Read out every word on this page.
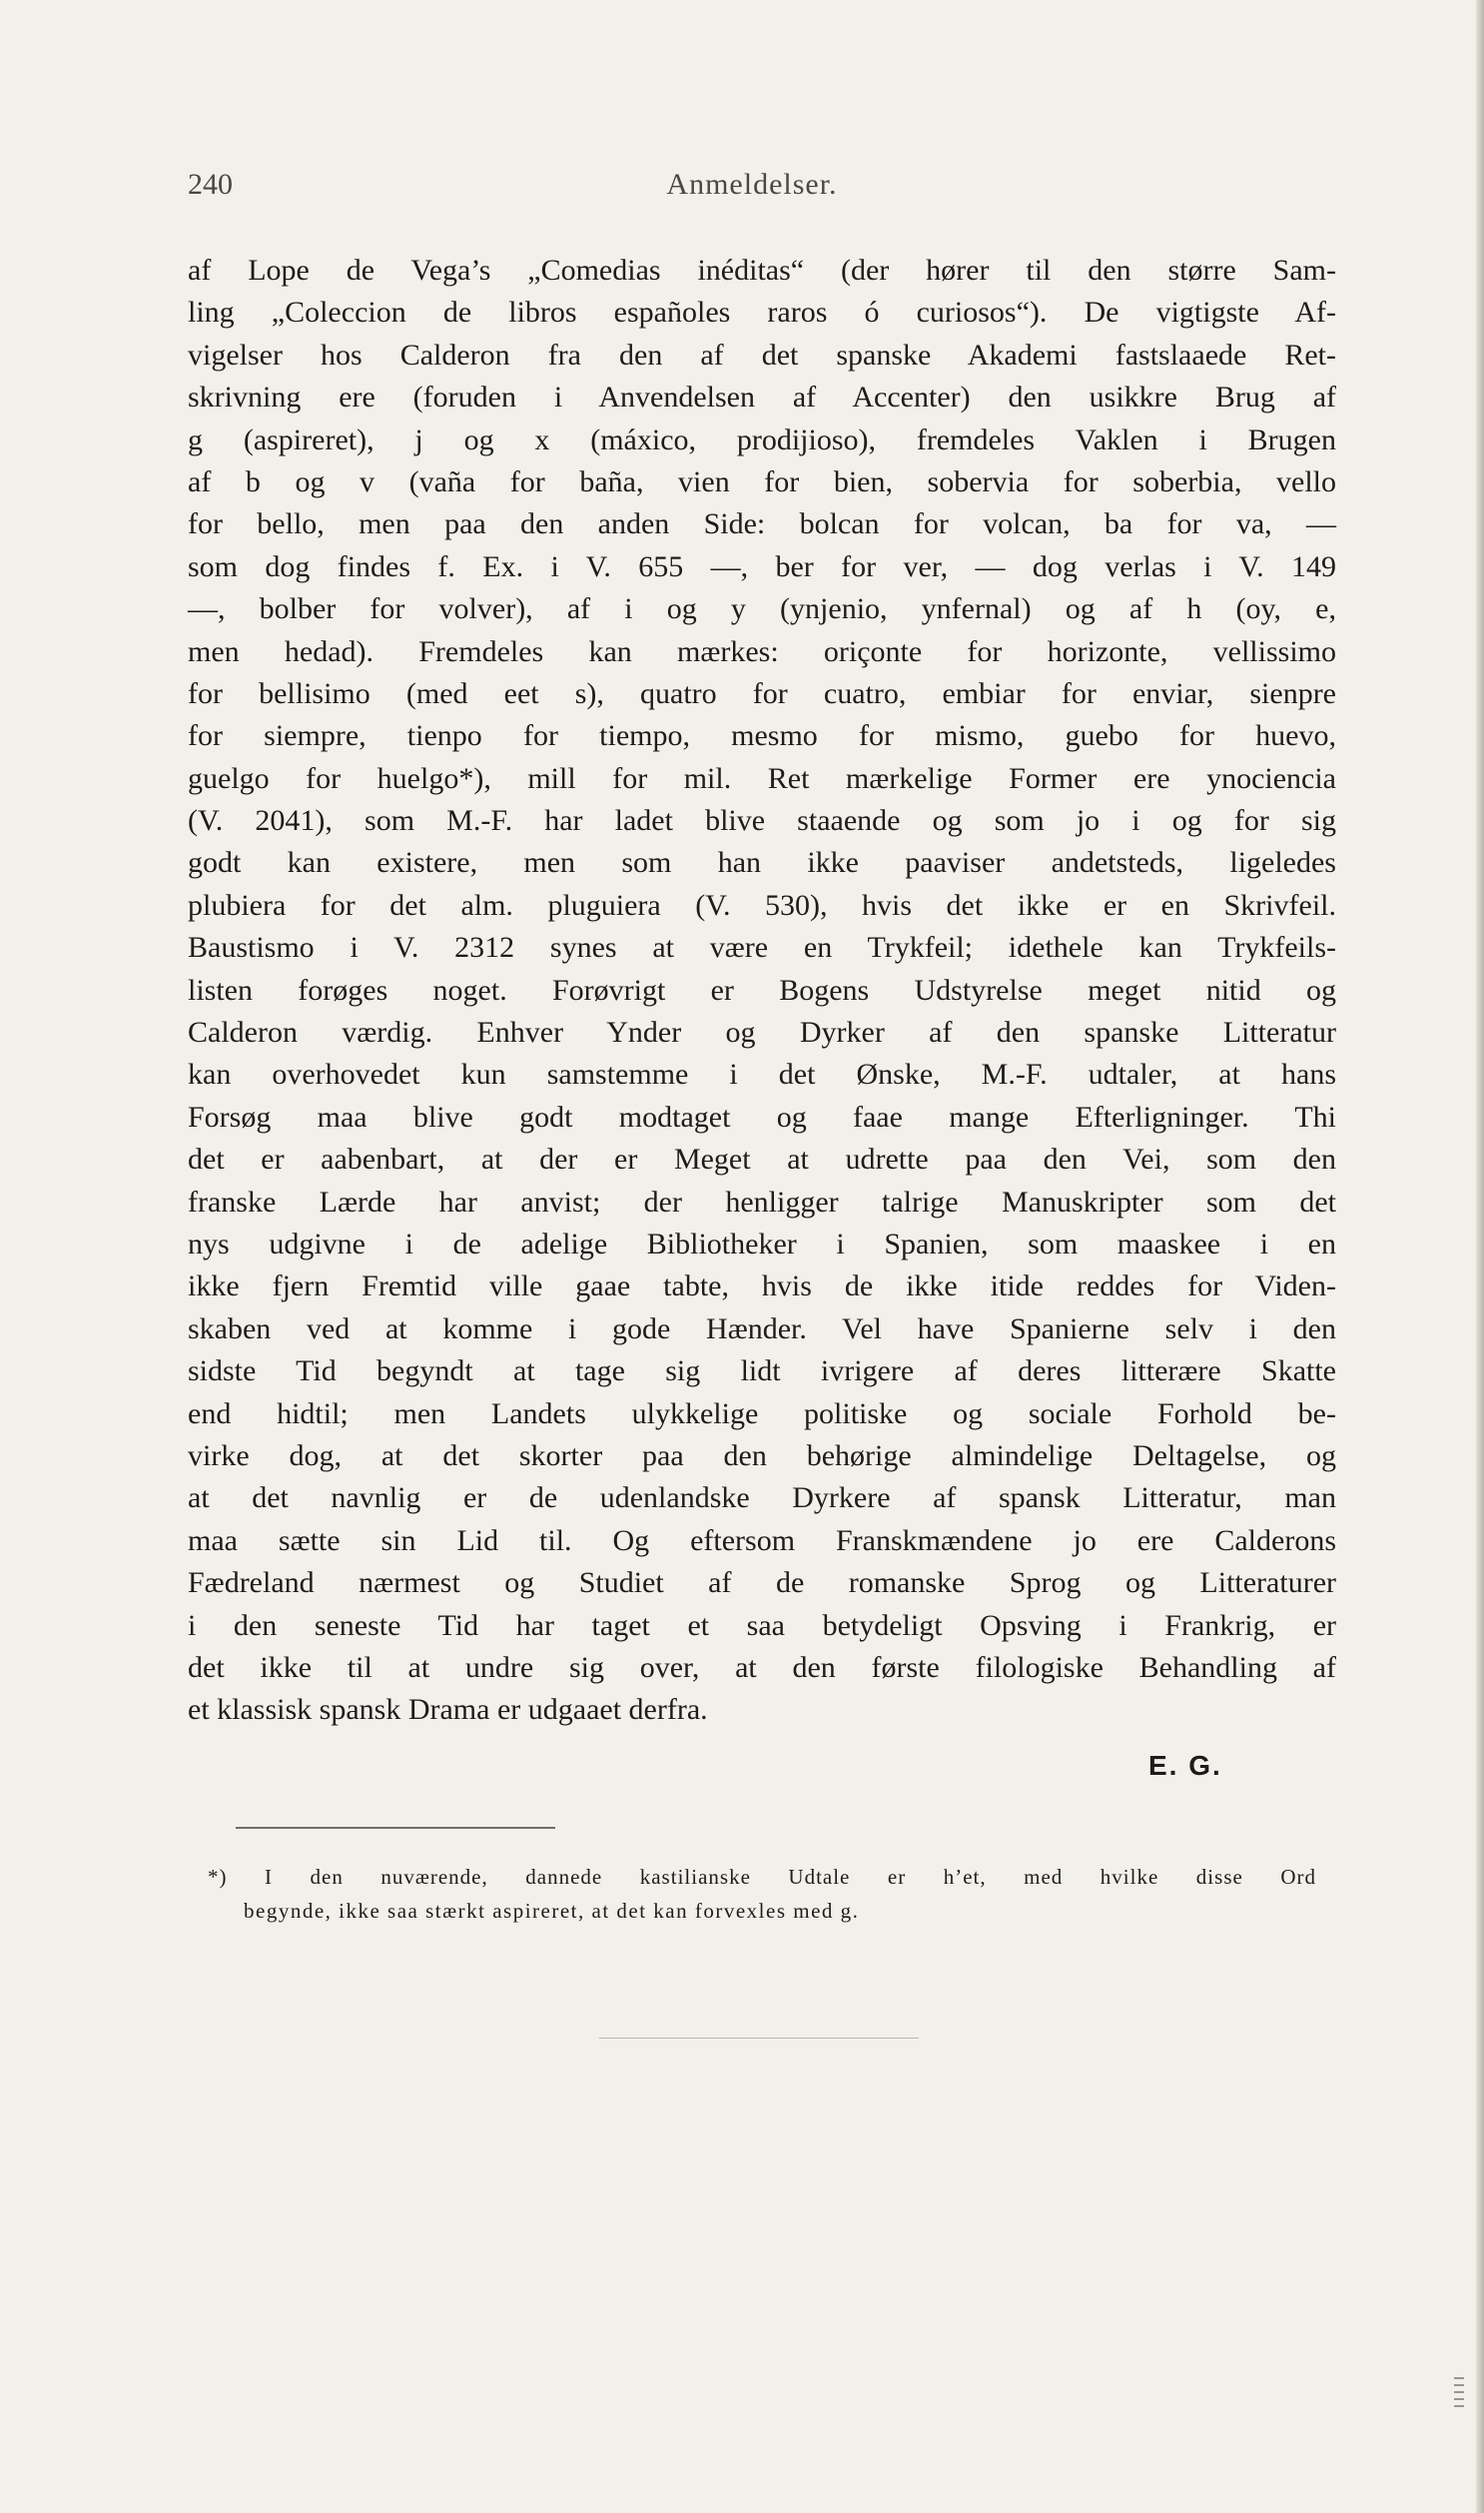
240	Anmeldelser.
af Lope de Vega’s „Comedias inéditas“ (der hører til den større Sam-
ling „Coleccion de libros españoles raros ó curiosos“). De vigtigste Af-
vigelser hos Calderon fra den af det spanske Akademi fastslaaede Ret-
skrivning ere (foruden i Anvendelsen af Accenter) den usikkre Brug af
g (aspireret), j og x (máxico, prodijioso), fremdeles Vaklen i Brugen
af b og v (vaña for baña, vien for bien, sobervia for soberbia, vello
for bello, men paa den anden Side: bolcan for volcan, ba for va, —
som dog findes f. Ex. i V. 655 —, ber for ver, — dog verlas i V. 149
—, bolber for volver), af i og y (ynjenio, ynfernal) og af h (oy, e,
men hedad). Fremdeles kan mærkes: oriçonte for horizonte, vellissimo
for bellisimo (med eet s), quatro for cuatro, embiar for enviar, sienpre
for siempre, tienpo for tiempo, mesmo for mismo, guebo for huevo,
guelgo for huelgo*), mill for mil. Ret mærkelige Former ere ynociencia
(V. 2041), som M.-F. har ladet blive staaende og som jo i og for sig
godt kan existere, men som han ikke paaviser andetsteds, ligeledes
plubiera for det alm. pluguiera (V. 530), hvis det ikke er en Skrivfeil.
Baustismo i V. 2312 synes at være en Trykfeil; idethele kan Trykfeils-
listen forøges noget. Forøvrigt er Bogens Udstyrelse meget nitid og
Calderon værdig. Enhver Ynder og Dyrker af den spanske Litteratur
kan overhovedet kun samstemme i det Ønske, M.-F. udtaler, at hans
Forsøg maa blive godt modtaget og faae mange Efterligninger. Thi
det er aabenbart, at der er Meget at udrette paa den Vei, som den
franske Lærde har anvist; der henligger talrige Manuskripter som det
nys udgivne i de adelige Bibliotheker i Spanien, som maaskee i en
ikke fjern Fremtid ville gaae tabte, hvis de ikke itide reddes for Viden-
skaben ved at komme i gode Hænder. Vel have Spanierne selv i den
sidste Tid begyndt at tage sig lidt ivrigere af deres litterære Skatte
end hidtil; men Landets ulykkelige politiske og sociale Forhold be-
virke dog, at det skorter paa den behørige almindelige Deltagelse, og
at det navnlig er de udenlandske Dyrkere af spansk Litteratur, man
maa sætte sin Lid til. Og eftersom Franskmændene jo ere Calderons
Fædreland nærmest og Studiet af de romanske Sprog og Litteraturer
i den seneste Tid har taget et saa betydeligt Opsving i Frankrig, er
det ikke til at undre sig over, at den første filologiske Behandling af
et klassisk spansk Drama er udgaaet derfra.
E. G.
*) I den nuværende, dannede kastilianske Udtale er h’et, med hvilke disse Ord
begynde, ikke saa stærkt aspireret, at det kan forvexles med g.
